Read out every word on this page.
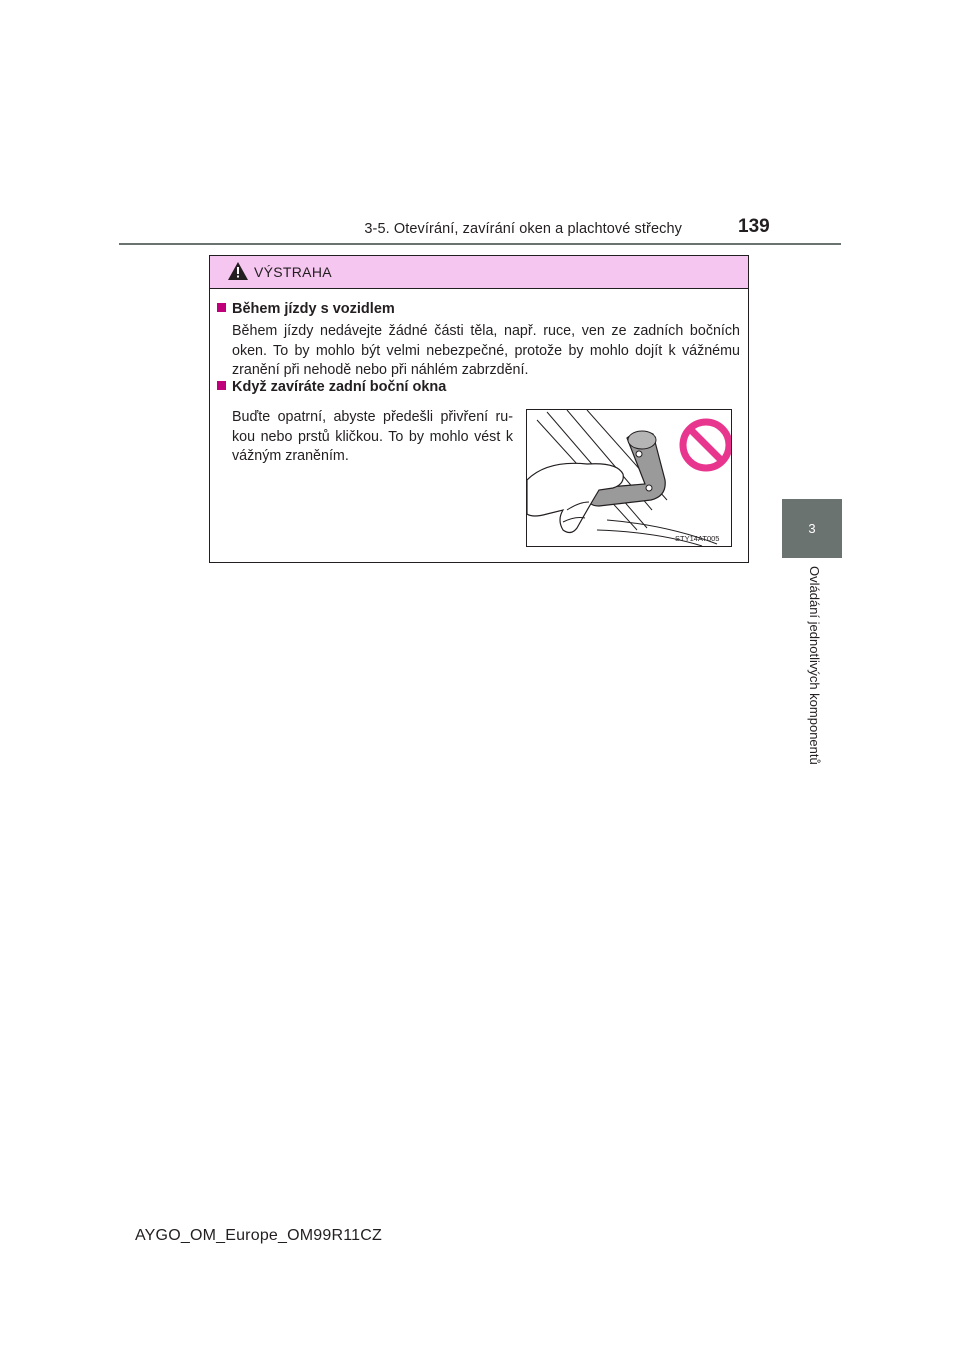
3-5. Otevírání, zavírání oken a plachtové střechy	139
3
Ovládání jednotlivých komponentů
VÝSTRAHA
Během jízdy s vozidlem
Během jízdy nedávejte žádné části těla, např. ruce, ven ze zadních bočních oken. To by mohlo být velmi nebezpečné, protože by mohlo dojít k vážnému zranění při nehodě nebo při náhlém zabrzdění.
Když zavíráte zadní boční okna
Buďte opatrní, abyste předešli přivření ru-kou nebo prstů kličkou. To by mohlo vést k vážným zraněním.
STY14AT005
AYGO_OM_Europe_OM99R11CZ
